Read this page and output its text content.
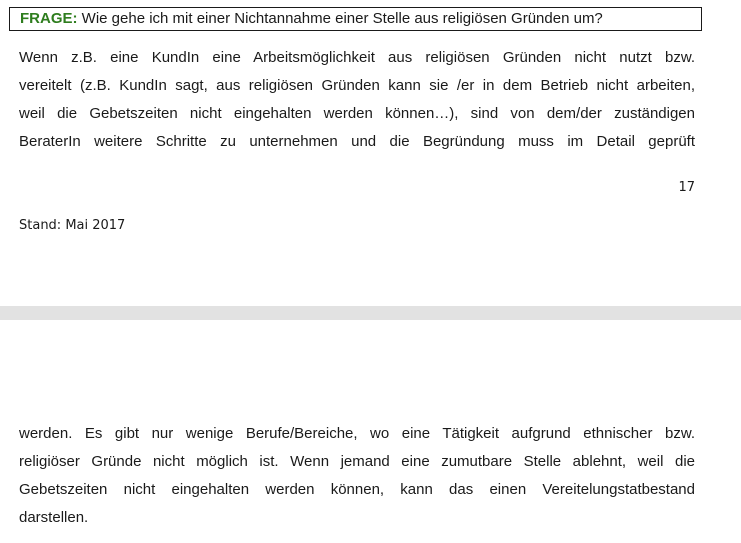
FRAGE: Wie gehe ich mit einer Nichtannahme einer Stelle aus religiösen Gründen um?
Wenn z.B. eine KundIn eine Arbeitsmöglichkeit aus religiösen Gründen nicht nutzt bzw.
vereitelt (z.B. KundIn sagt, aus religiösen Gründen kann sie /er in dem Betrieb nicht arbeiten,
weil die Gebetszeiten nicht eingehalten werden können…), sind von dem/der zuständigen
BeraterIn weitere Schritte zu unternehmen und die Begründung muss im Detail geprüft
17
Stand: Mai 2017
werden. Es gibt nur wenige Berufe/Bereiche, wo eine Tätigkeit aufgrund ethnischer bzw.
religiöser Gründe nicht möglich ist. Wenn jemand eine zumutbare Stelle ablehnt, weil die
Gebetszeiten nicht eingehalten werden können, kann das einen Vereitelungstatbestand
darstellen.
